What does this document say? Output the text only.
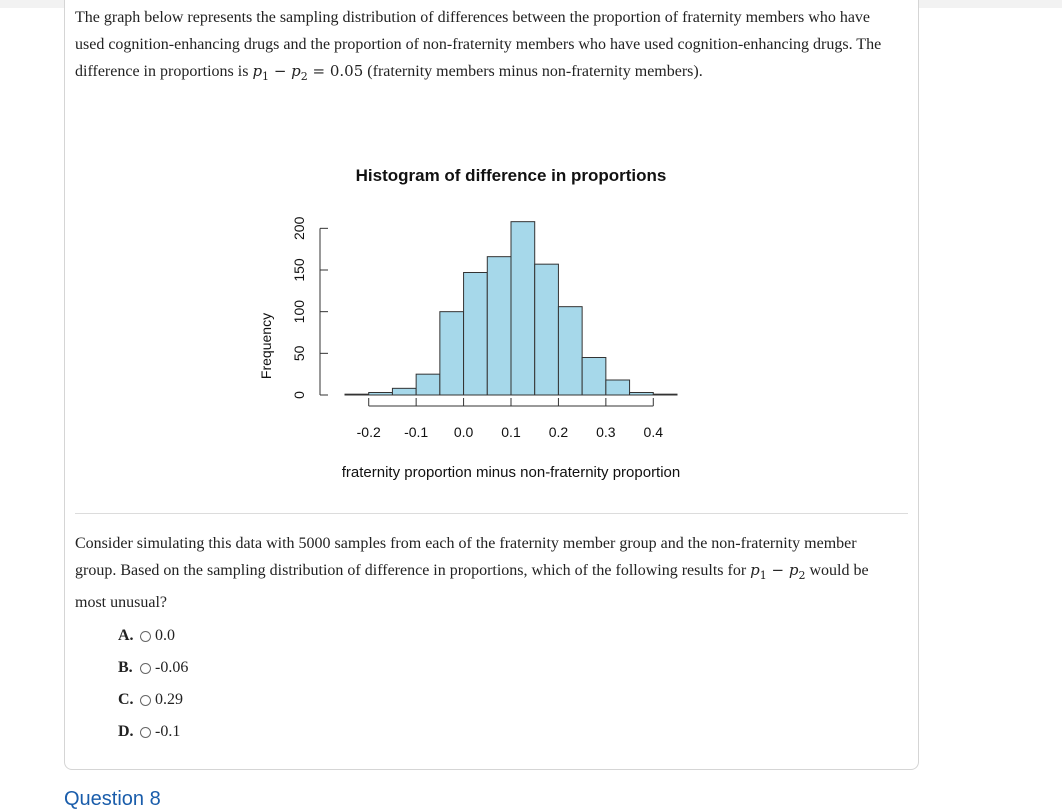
The graph below represents the sampling distribution of differences between the proportion of fraternity members who have used cognition-enhancing drugs and the proportion of non-fraternity members who have used cognition-enhancing drugs. The difference in proportions is $p_1 - p_2 = 0.05$ (fraternity members minus non-fraternity members).
Histogram of difference in proportions
0
50
100
150
200
-0.2 -0.1 0.0 0.1 0.2 0.3 0.4
Frequency
fraternity proportion minus non-fraternity proportion
Consider simulating this data with 5000 samples from each of the fraternity member group and the non-fraternity member group. Based on the sampling distribution of difference in proportions, which of the following results for $p_1 - p_2$ would be most unusual?
A.	0.0
B.	-0.06
C.	0.29
D.	-0.1
Question 8
